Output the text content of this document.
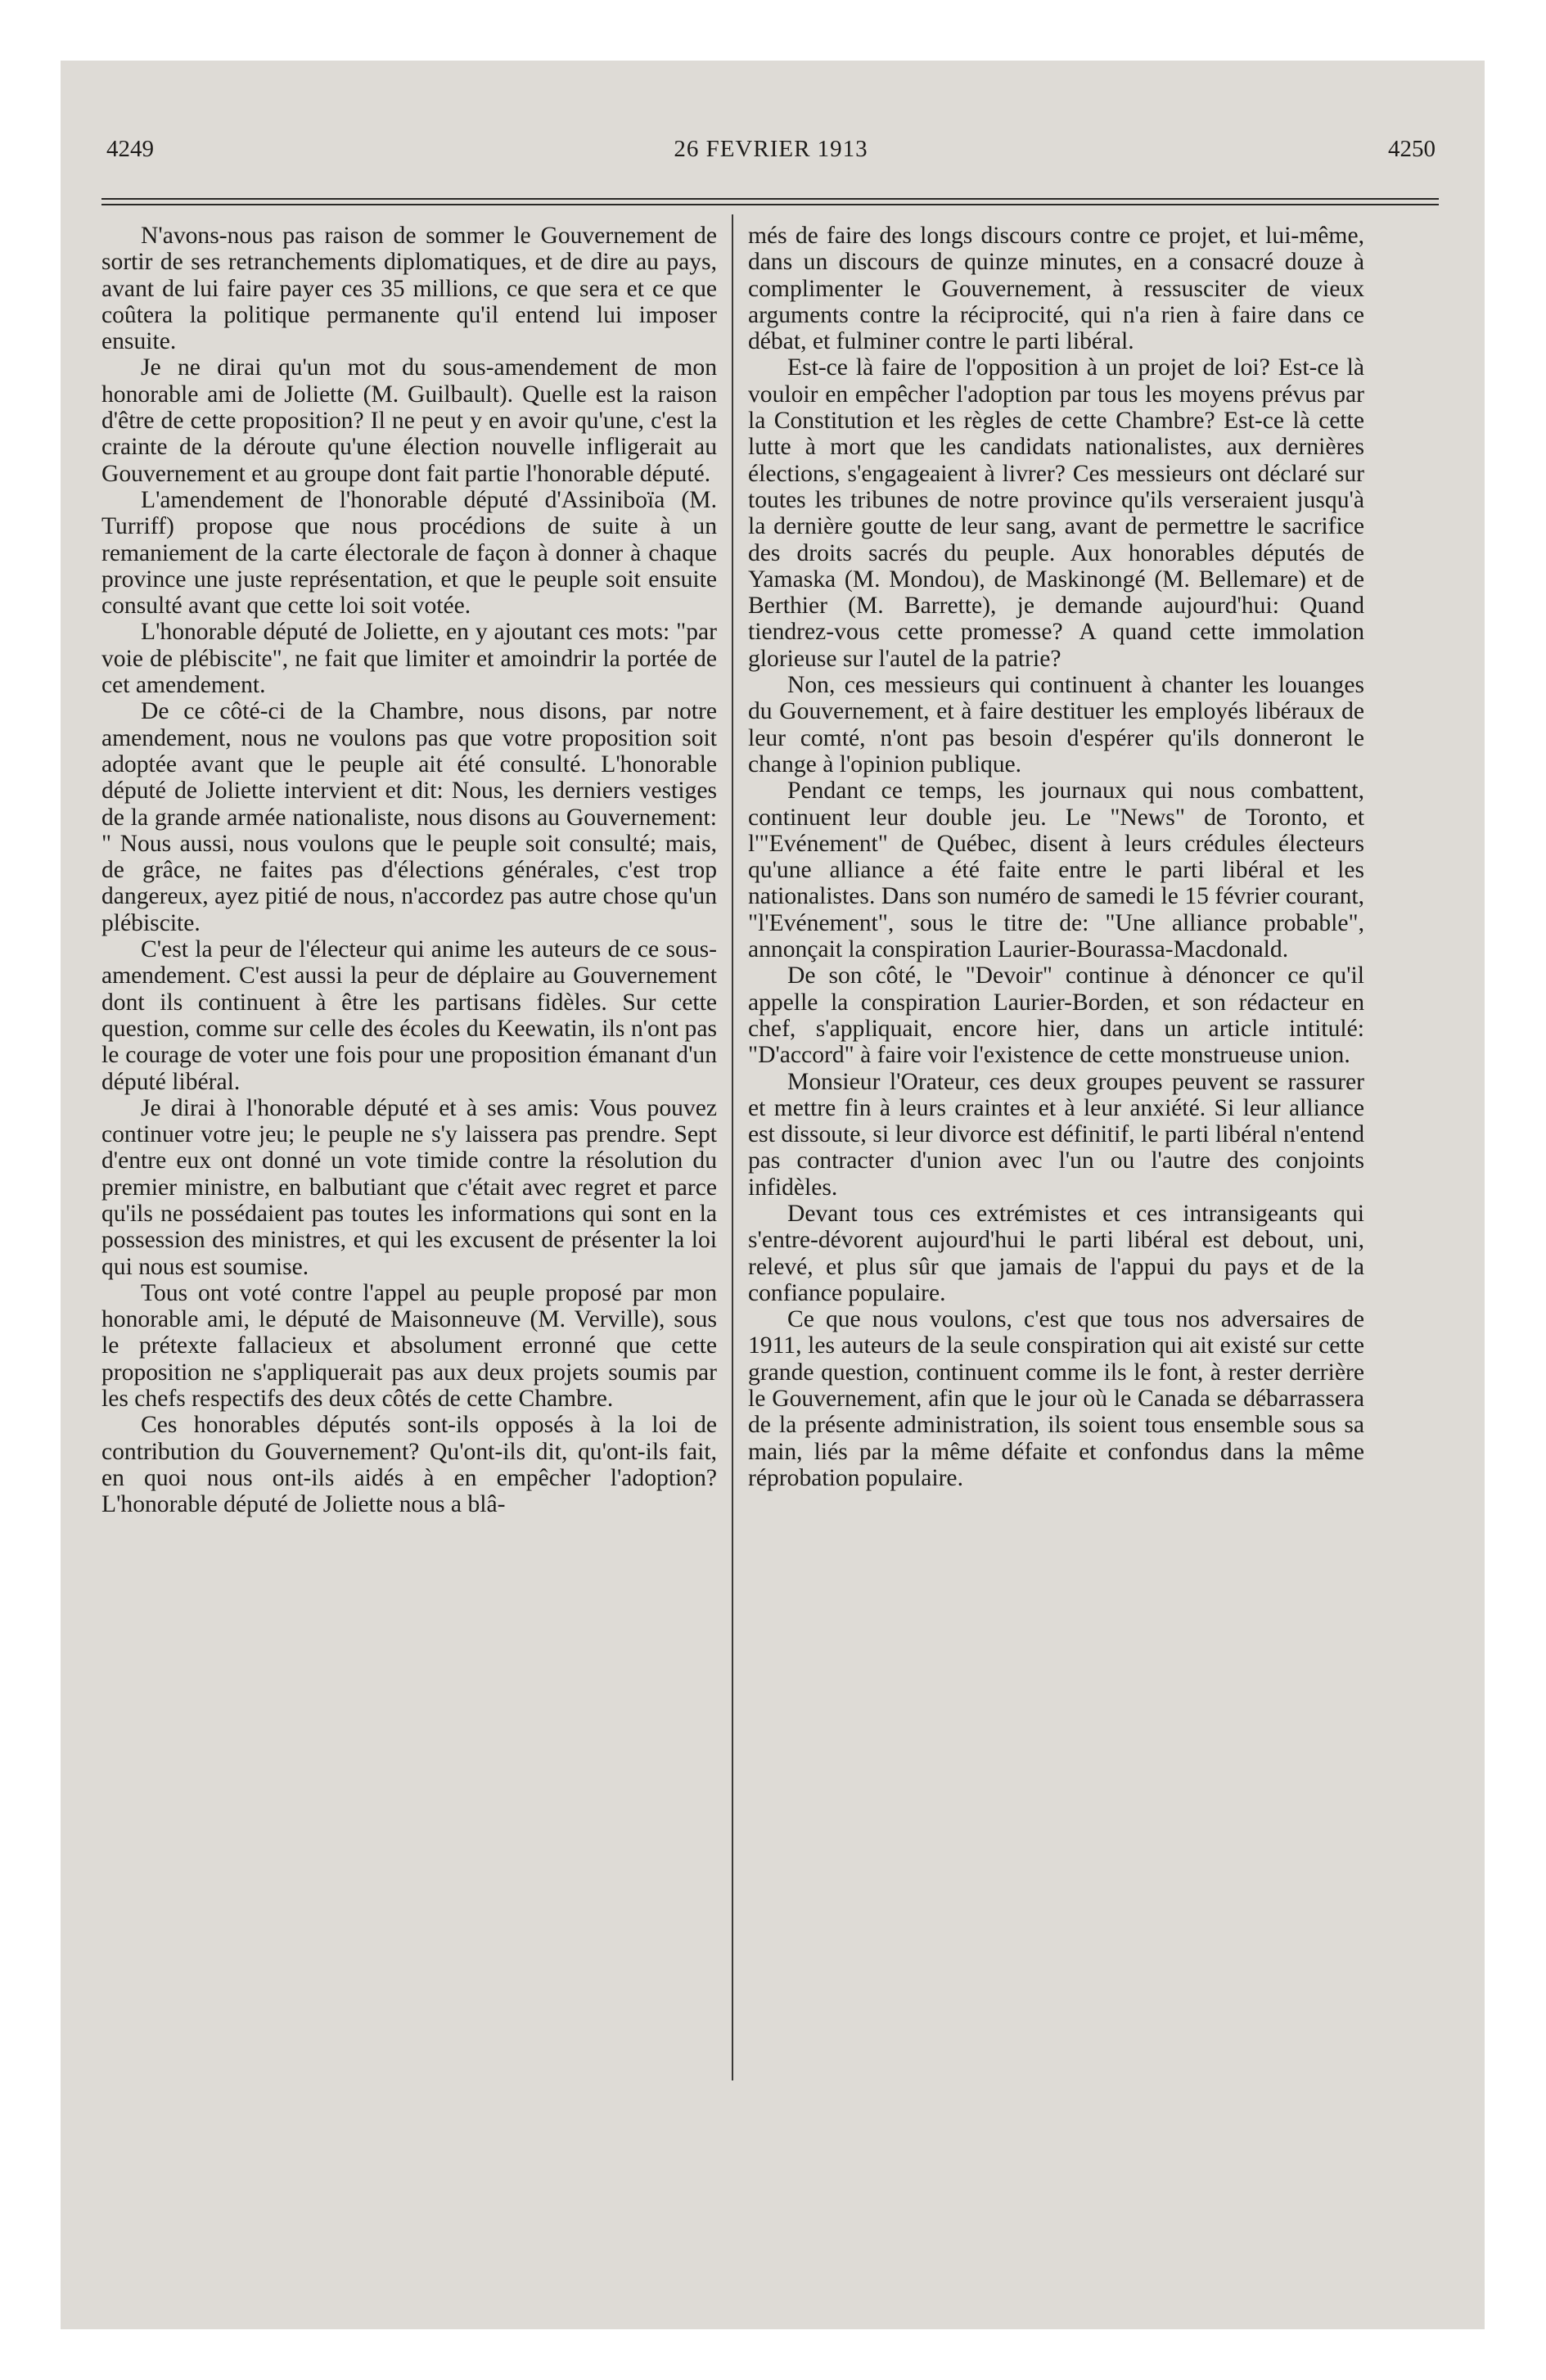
4249	26 FEVRIER 1913	4250

N'avons-nous pas raison de sommer le Gouvernement de sortir de ses retranchements diplomatiques, et de dire au pays, avant de lui faire payer ces 35 millions, ce que sera et ce que coûtera la politique permanente qu'il entend lui imposer ensuite.

Je ne dirai qu'un mot du sous-amendement de mon honorable ami de Joliette (M. Guilbault). Quelle est la raison d'être de cette proposition? Il ne peut y en avoir qu'une, c'est la crainte de la déroute qu'une élection nouvelle infligerait au Gouvernement et au groupe dont fait partie l'honorable député.

L'amendement de l'honorable député d'Assiniboïa (M. Turriff) propose que nous procédions de suite à un remaniement de la carte électorale de façon à donner à chaque province une juste représentation, et que le peuple soit ensuite consulté avant que cette loi soit votée.

L'honorable député de Joliette, en y ajoutant ces mots: "par voie de plébiscite", ne fait que limiter et amoindrir la portée de cet amendement.

De ce côté-ci de la Chambre, nous disons, par notre amendement, nous ne voulons pas que votre proposition soit adoptée avant que le peuple ait été consulté. L'honorable député de Joliette intervient et dit: Nous, les derniers vestiges de la grande armée nationaliste, nous disons au Gouvernement: " Nous aussi, nous voulons que le peuple soit consulté; mais, de grâce, ne faites pas d'élections générales, c'est trop dangereux, ayez pitié de nous, n'accordez pas autre chose qu'un plébiscite.

C'est la peur de l'électeur qui anime les auteurs de ce sous-amendement. C'est aussi la peur de déplaire au Gouvernement dont ils continuent à être les partisans fidèles. Sur cette question, comme sur celle des écoles du Keewatin, ils n'ont pas le courage de voter une fois pour une proposition émanant d'un député libéral.

Je dirai à l'honorable député et à ses amis: Vous pouvez continuer votre jeu; le peuple ne s'y laissera pas prendre. Sept d'entre eux ont donné un vote timide contre la résolution du premier ministre, en balbutiant que c'était avec regret et parce qu'ils ne possédaient pas toutes les informations qui sont en la possession des ministres, et qui les excusent de présenter la loi qui nous est soumise.

Tous ont voté contre l'appel au peuple proposé par mon honorable ami, le député de Maisonneuve (M. Verville), sous le prétexte fallacieux et absolument erronné que cette proposition ne s'appliquerait pas aux deux projets soumis par les chefs respectifs des deux côtés de cette Chambre.

Ces honorables députés sont-ils opposés à la loi de contribution du Gouvernement? Qu'ont-ils dit, qu'ont-ils fait, en quoi nous ont-ils aidés à en empêcher l'adoption? L'honorable député de Joliette nous a blâ-

més de faire des longs discours contre ce projet, et lui-même, dans un discours de quinze minutes, en a consacré douze à complimenter le Gouvernement, à ressusciter de vieux arguments contre la réciprocité, qui n'a rien à faire dans ce débat, et fulminer contre le parti libéral.

Est-ce là faire de l'opposition à un projet de loi? Est-ce là vouloir en empêcher l'adoption par tous les moyens prévus par la Constitution et les règles de cette Chambre? Est-ce là cette lutte à mort que les candidats nationalistes, aux dernières élections, s'engageaient à livrer? Ces messieurs ont déclaré sur toutes les tribunes de notre province qu'ils verseraient jusqu'à la dernière goutte de leur sang, avant de permettre le sacrifice des droits sacrés du peuple. Aux honorables députés de Yamaska (M. Mondou), de Maskinongé (M. Bellemare) et de Berthier (M. Barrette), je demande aujourd'hui: Quand tiendrez-vous cette promesse? A quand cette immolation glorieuse sur l'autel de la patrie?

Non, ces messieurs qui continuent à chanter les louanges du Gouvernement, et à faire destituer les employés libéraux de leur comté, n'ont pas besoin d'espérer qu'ils donneront le change à l'opinion publique.

Pendant ce temps, les journaux qui nous combattent, continuent leur double jeu. Le "News" de Toronto, et l'"Evénement" de Québec, disent à leurs crédules électeurs qu'une alliance a été faite entre le parti libéral et les nationalistes. Dans son numéro de samedi le 15 février courant, "l'Evénement", sous le titre de: "Une alliance probable", annonçait la conspiration Laurier-Bourassa-Macdonald.

De son côté, le "Devoir" continue à dénoncer ce qu'il appelle la conspiration Laurier-Borden, et son rédacteur en chef, s'appliquait, encore hier, dans un article intitulé: "D'accord" à faire voir l'existence de cette monstrueuse union.

Monsieur l'Orateur, ces deux groupes peuvent se rassurer et mettre fin à leurs craintes et à leur anxiété. Si leur alliance est dissoute, si leur divorce est définitif, le parti libéral n'entend pas contracter d'union avec l'un ou l'autre des conjoints infidèles.

Devant tous ces extrémistes et ces intransigeants qui s'entre-dévorent aujourd'hui le parti libéral est debout, uni, relevé, et plus sûr que jamais de l'appui du pays et de la confiance populaire.

Ce que nous voulons, c'est que tous nos adversaires de 1911, les auteurs de la seule conspiration qui ait existé sur cette grande question, continuent comme ils le font, à rester derrière le Gouvernement, afin que le jour où le Canada se débarrassera de la présente administration, ils soient tous ensemble sous sa main, liés par la même défaite et confondus dans la même réprobation populaire.
